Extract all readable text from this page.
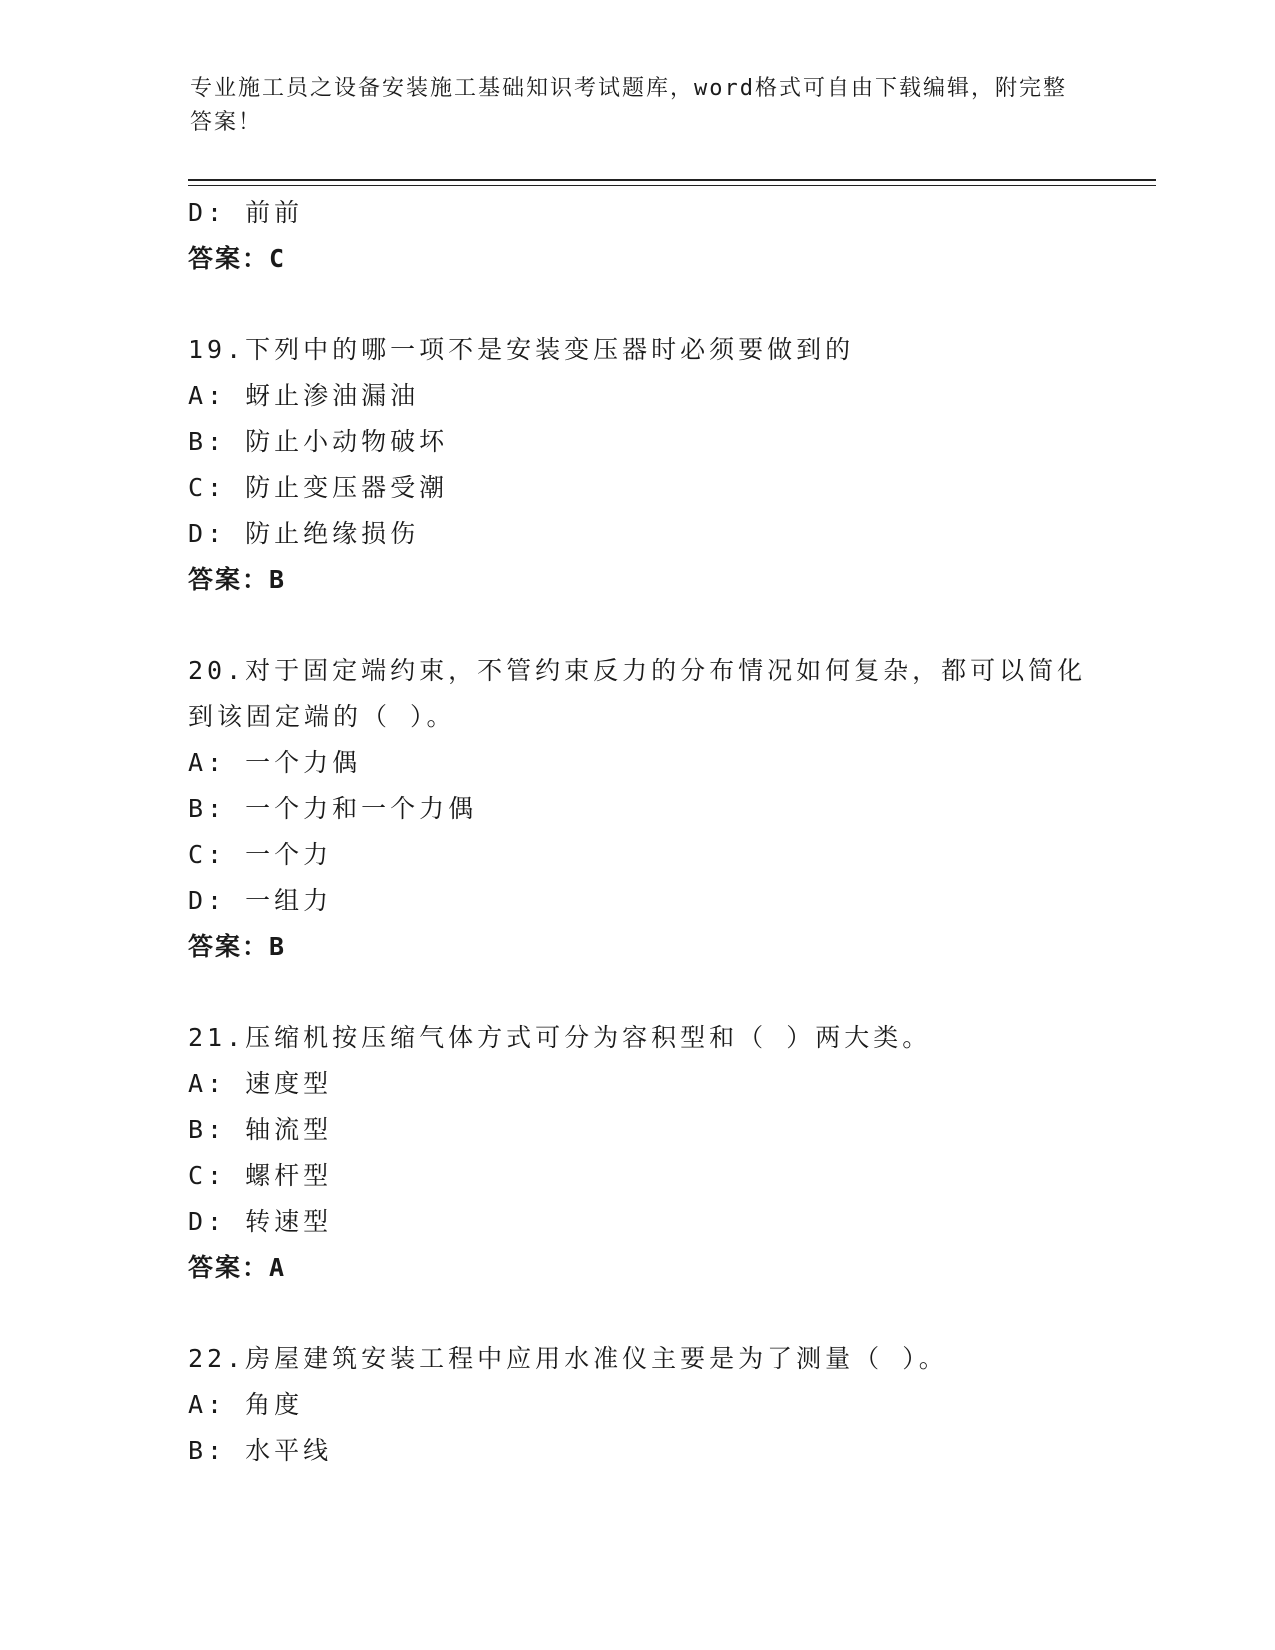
专业施工员之设备安装施工基础知识考试题库，word格式可自由下载编辑，附完整答案！
D: 前前
答案：C
19.下列中的哪一项不是安装变压器时必须要做到的
A: 蚜止渗油漏油
B: 防止小动物破坏
C: 防止变压器受潮
D: 防止绝缘损伤
答案：B
20.对于固定端约束，不管约束反力的分布情况如何复杂，都可以简化到该固定端的（ ）。
A: 一个力偶
B: 一个力和一个力偶
C: 一个力
D: 一组力
答案：B
21.压缩机按压缩气体方式可分为容积型和（ ）两大类。
A: 速度型
B: 轴流型
C: 螺杆型
D: 转速型
答案：A
22.房屋建筑安装工程中应用水准仪主要是为了测量（ ）。
A: 角度
B: 水平线
